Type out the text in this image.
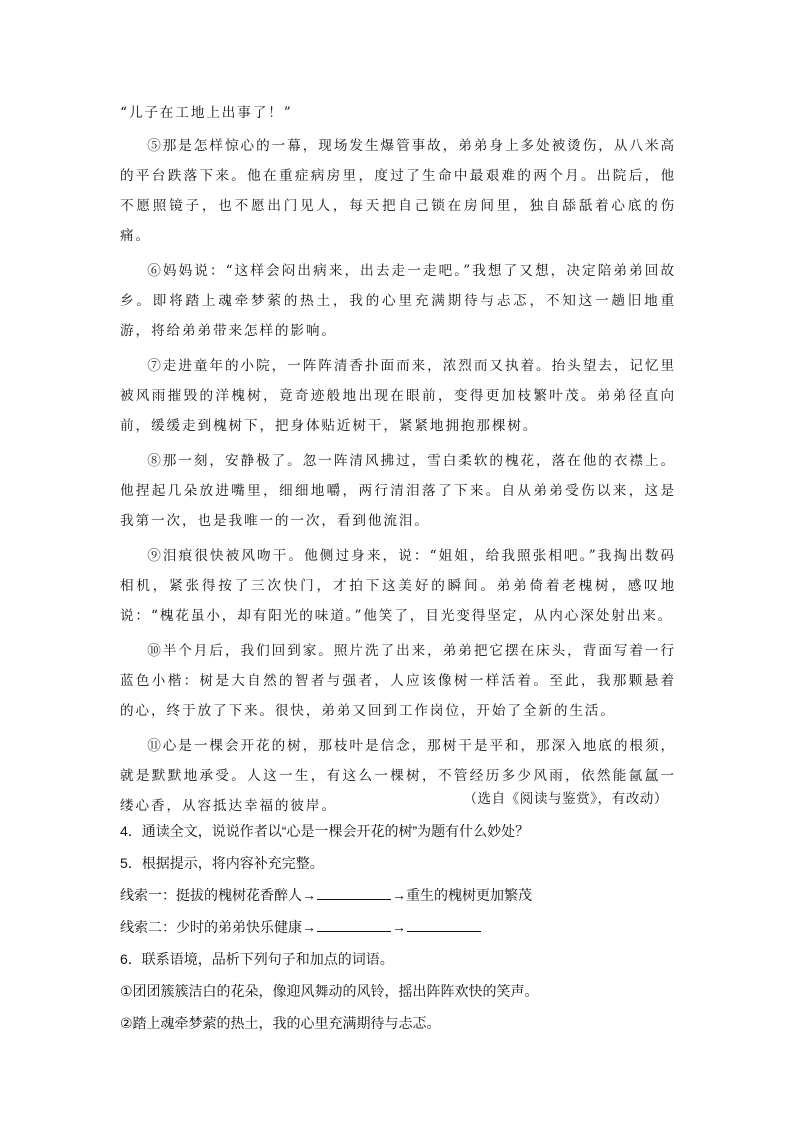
“儿子在工地上出事了！”

⑤那是怎样惊心的一幕，现场发生爆管事故，弟弟身上多处被烫伤，从八米高的平台跌落下来。他在重症病房里，度过了生命中最艰难的两个月。出院后，他不愿照镜子，也不愿出门见人，每天把自己锁在房间里，独自舔舐着心底的伤痛。

⑥妈妈说：“这样会闷出病来，出去走一走吧。”我想了又想，决定陪弟弟回故乡。即将踏上魂牵梦萦的热土，我的心里充满期待与忐忑，不知这一趟旧地重游，将给弟弟带来怎样的影响。

⑦走进童年的小院，一阵阵清香扑面而来，浓烈而又执着。抬头望去，记忆里被风雨摧毁的洋槐树，竟奇迹般地出现在眼前，变得更加枝繁叶茂。弟弟径直向前，缓缓走到槐树下，把身体贴近树干，紧紧地拥抱那棵树。

⑧那一刻，安静极了。忽一阵清风拂过，雪白柔软的槐花，落在他的衣襟上。他捏起几朵放进嘴里，细细地嚼，两行清泪落了下来。自从弟弟受伤以来，这是我第一次，也是我唯一的一次，看到他流泪。

⑨泪痕很快被风吻干。他侧过身来，说：“姐姐，给我照张相吧。”我掏出数码相机，紧张得按了三次快门，才拍下这美好的瞬间。弟弟倚着老槐树，感叹地说：“槐花虽小，却有阳光的味道。”他笑了，目光变得坚定，从内心深处射出来。

⑩半个月后，我们回到家。照片洗了出来，弟弟把它摆在床头，背面写着一行蓝色小楷：树是大自然的智者与强者，人应该像树一样活着。至此，我那颗悬着的心，终于放了下来。很快，弟弟又回到工作岗位，开始了全新的生活。

⑪心是一棵会开花的树，那枝叶是信念，那树干是平和，那深入地底的根须，就是默默地承受。人这一生，有这么一棵树，不管经历多少风雨，依然能氤氲一缕心香，从容抵达幸福的彼岸。	（选自《阅读与鉴赏》，有改动）
4．通读全文，说说作者以“心是一棵会开花的树”为题有什么妙处？
5．根据提示，将内容补充完整。
线索一：挺拔的槐树花香醉人→	→重生的槐树更加繁茂
线索二：少时的弟弟快乐健康→	→
6．联系语境，品析下列句子和加点的词语。
①团团簇簇洁白的花朵，像迎风舞动的风铃，摇出阵阵欢快的笑声。
②踏上魂牵梦萦的热土，我的心里充满期待与忐忑。
